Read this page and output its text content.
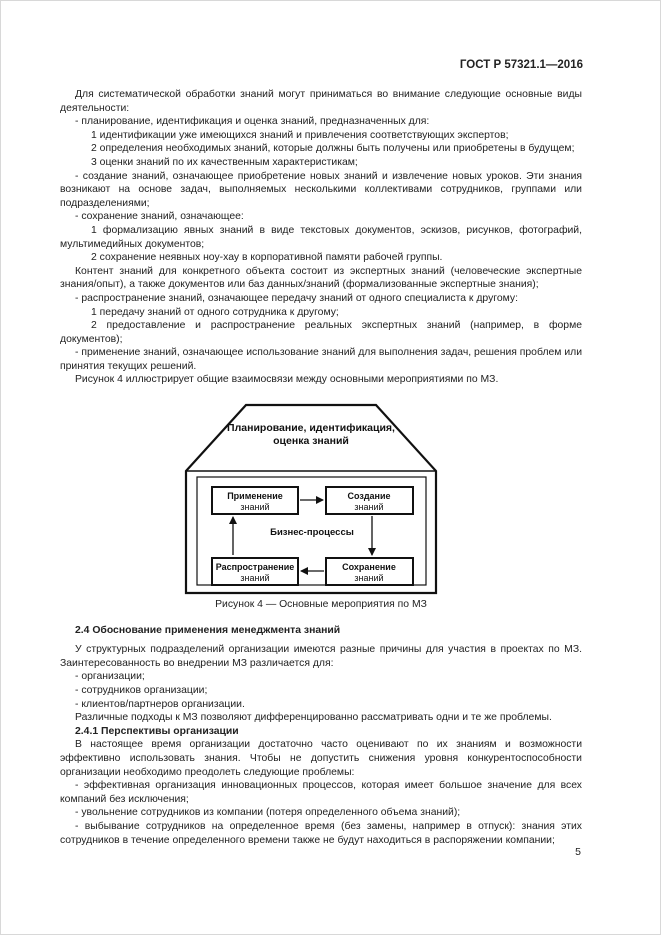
ГОСТ Р 57321.1—2016

Для систематической обработки знаний могут приниматься во внимание следующие основные виды деятельности:

- планирование, идентификация и оценка знаний, предназначенных для:

1 идентификации уже имеющихся знаний и привлечения соответствующих экспертов;

2 определения необходимых знаний, которые должны быть получены или приобретены в будущем;

3 оценки знаний по их качественным характеристикам;

- создание знаний, означающее приобретение новых знаний и извлечение новых уроков. Эти знания возникают на основе задач, выполняемых несколькими коллективами сотрудников, группами или подразделениями;

- сохранение знаний, означающее:

1 формализацию явных знаний в виде текстовых документов, эскизов, рисунков, фотографий, мультимедийных документов;

2 сохранение неявных ноу-хау в корпоративной памяти рабочей группы.

Контент знаний для конкретного объекта состоит из экспертных знаний (человеческие экспертные знания/опыт), а также документов или баз данных/знаний (формализованные экспертные знания);

- распространение знаний, означающее передачу знаний от одного специалиста к другому:

1 передачу знаний от одного сотрудника к другому;

2 предоставление и распространение реальных экспертных знаний (например, в форме документов);

- применение знаний, означающее использование знаний для выполнения задач, решения проблем или принятия текущих решений.

Рисунок 4 иллюстрирует общие взаимосвязи между основными мероприятиями по МЗ.

Планирование, идентификация,
оценка знаний
Применение
знаний
Создание
знаний
Распространение
знаний
Сохранение
знаний
Бизнес-процессы

Рисунок 4 — Основные мероприятия по МЗ

2.4 Обоснование применения менеджмента знаний

У структурных подразделений организации имеются разные причины для участия в проектах по МЗ. Заинтересованность во внедрении МЗ различается для:

- организации;

- сотрудников организации;

- клиентов/партнеров организации.

Различные подходы к МЗ позволяют дифференцированно рассматривать одни и те же проблемы.

2.4.1 Перспективы организации

В настоящее время организации достаточно часто оценивают по их знаниям и возможности эффективно использовать знания. Чтобы не допустить снижения уровня конкурентоспособности организации необходимо преодолеть следующие проблемы:

- эффективная организация инновационных процессов, которая имеет большое значение для всех компаний без исключения;

- увольнение сотрудников из компании (потеря определенного объема знаний);

- выбывание сотрудников на определенное время (без замены, например в отпуск): знания этих сотрудников в течение определенного времени также не будут находиться в распоряжении компании;

5
